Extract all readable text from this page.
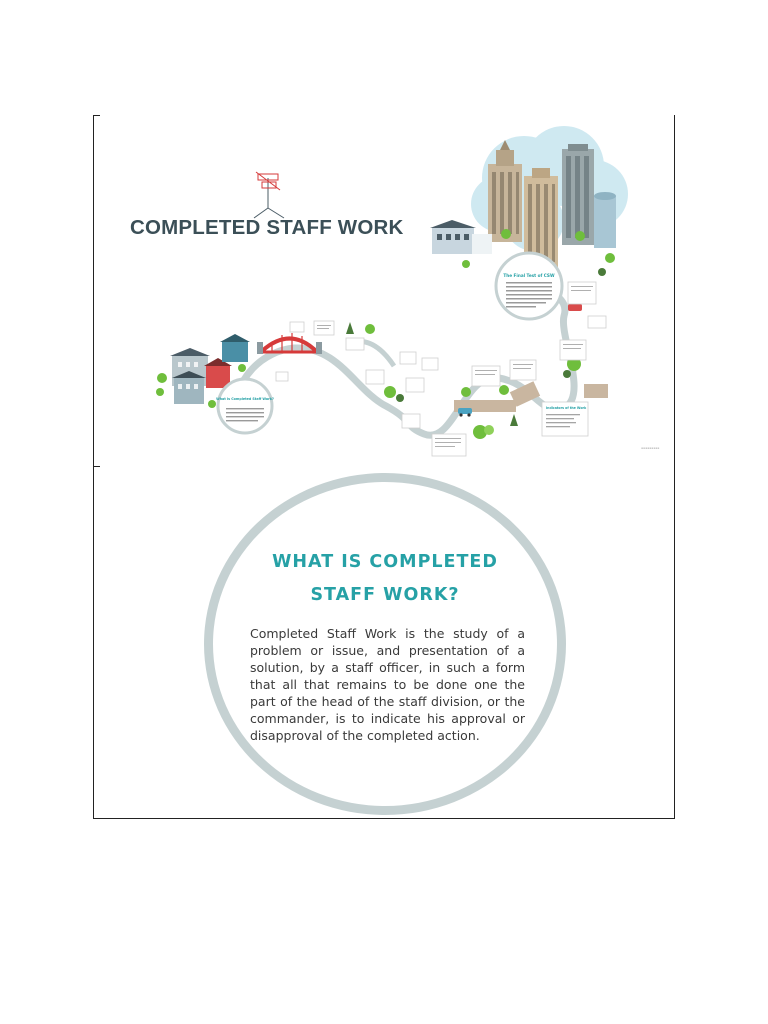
The Final Test of CSW
What is Completed Staff Work?
Indicators of the Work
COMPLETED STAFF WORK
▪▪▪▪▪▪▪▪▪
WHAT IS COMPLETED
STAFF WORK?

Completed Staff Work is the study of a problem or issue, and presentation of a solution, by a staff officer, in such a form that all that remains to be done one the part of the head of the staff division, or the commander, is to indicate his approval or disapproval of the completed action.
